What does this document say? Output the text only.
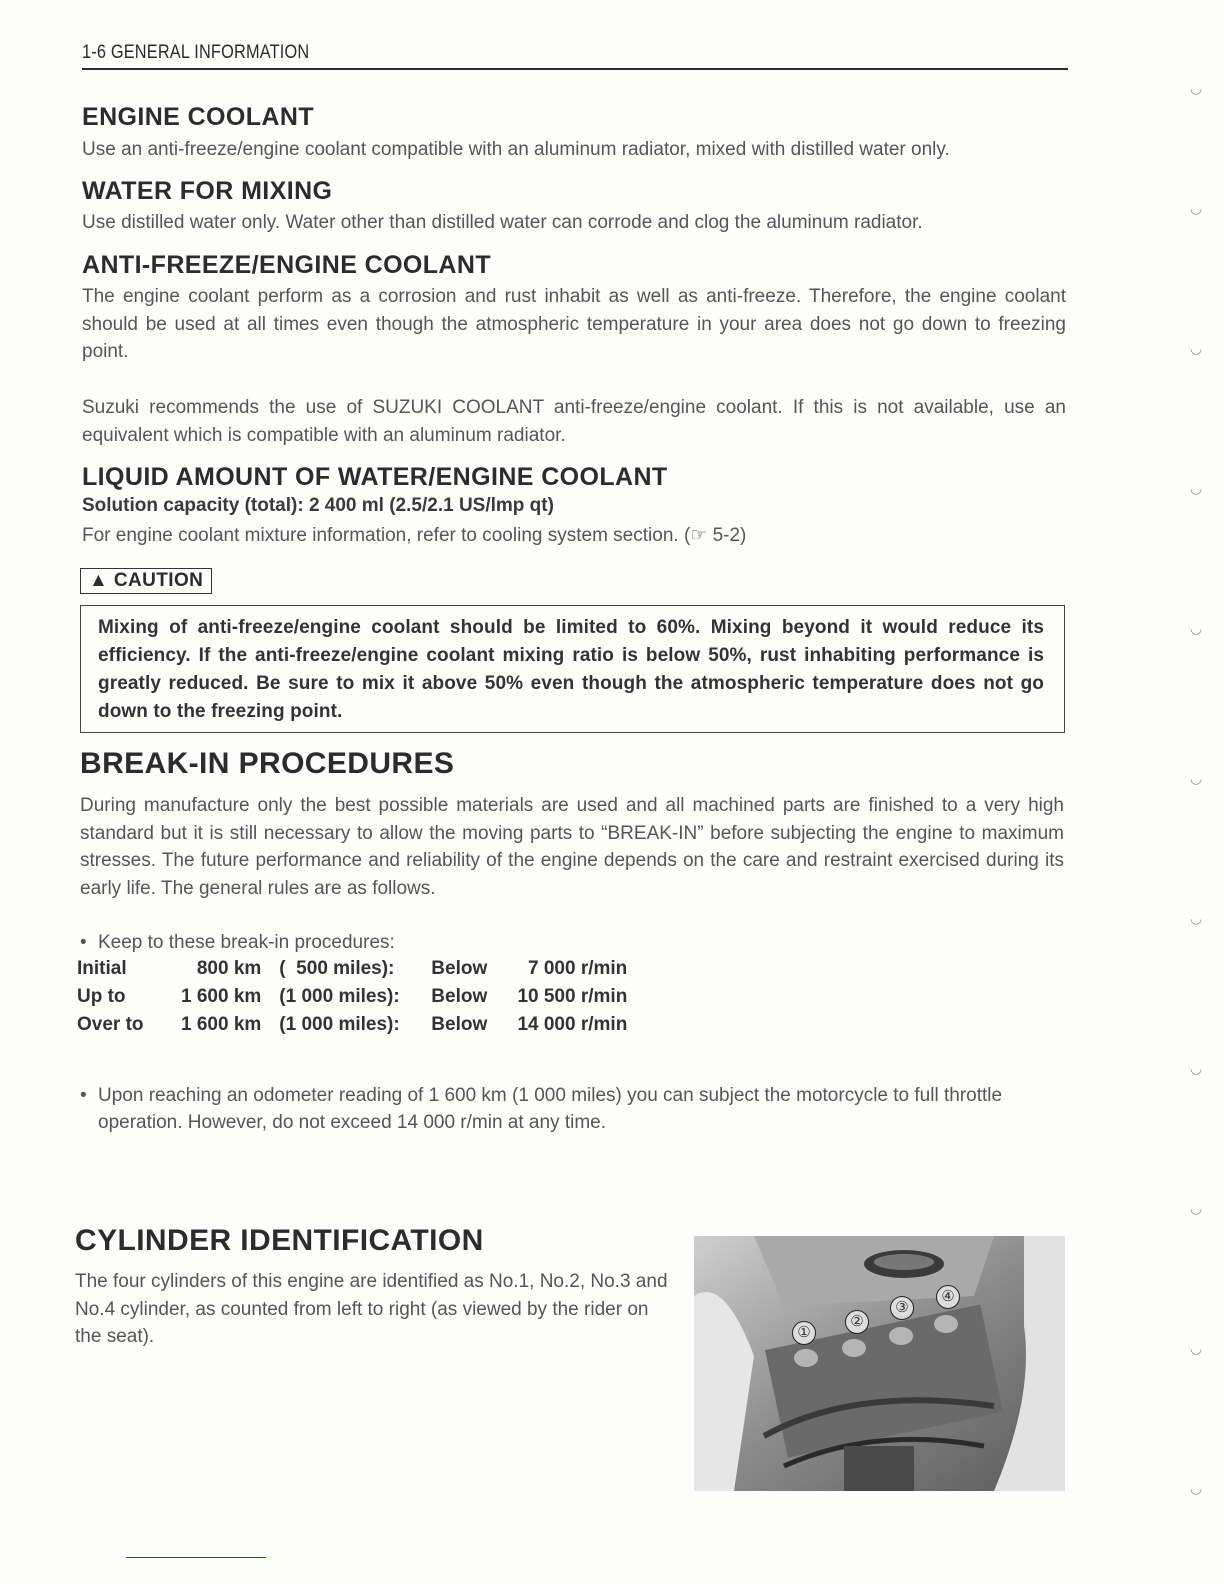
1-6 GENERAL INFORMATION
ENGINE COOLANT

Use an anti-freeze/engine coolant compatible with an aluminum radiator, mixed with distilled water only.

WATER FOR MIXING

Use distilled water only. Water other than distilled water can corrode and clog the aluminum radiator.

ANTI-FREEZE/ENGINE COOLANT

The engine coolant perform as a corrosion and rust inhabit as well as anti-freeze. Therefore, the engine coolant should be used at all times even though the atmospheric temperature in your area does not go down to freezing point.

Suzuki recommends the use of SUZUKI COOLANT anti-freeze/engine coolant. If this is not available, use an equivalent which is compatible with an aluminum radiator.

LIQUID AMOUNT OF WATER/ENGINE COOLANT
Solution capacity (total): 2 400 ml (2.5/2.1 US/lmp qt)

For engine coolant mixture information, refer to cooling system section. (☞ 5-2)

▲ CAUTION
Mixing of anti-freeze/engine coolant should be limited to 60%. Mixing beyond it would reduce its efficiency. If the anti-freeze/engine coolant mixing ratio is below 50%, rust inhabiting performance is greatly reduced. Be sure to mix it above 50% even though the atmospheric temperature does not go down to the freezing point.
BREAK-IN PROCEDURES

During manufacture only the best possible materials are used and all machined parts are finished to a very high standard but it is still necessary to allow the moving parts to “BREAK-IN” before subjecting the engine to maximum stresses. The future performance and reliability of the engine depends on the care and restraint exercised during its early life. The general rules are as follows.

• Keep to these break-in procedures:
Initial	800 km	(  500 miles):	Below	7 000 r/min
Up to	1 600 km	(1 000 miles):	Below	10 500 r/min
Over to	1 600 km	(1 000 miles):	Below	14 000 r/min
• Upon reaching an odometer reading of 1 600 km (1 000 miles) you can subject the motorcycle to full throttle operation. However, do not exceed 14 000 r/min at any time.
CYLINDER IDENTIFICATION

The four cylinders of this engine are identified as No.1, No.2, No.3 and No.4 cylinder, as counted from left to right (as viewed by the rider on the seat).	①
②
③
④
◡
◡
◡
◡
◡
◡
◡
◡
◡
◡
◡
